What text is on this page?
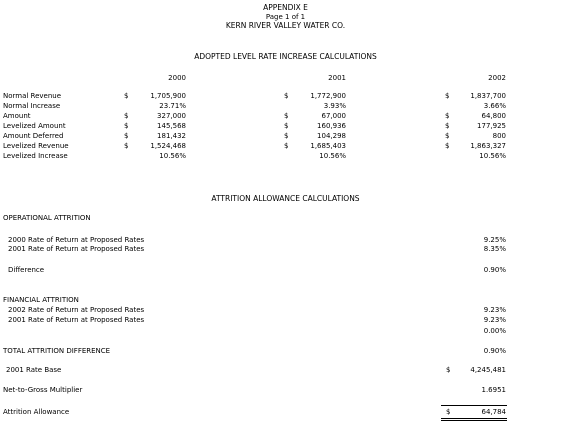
APPENDIX E
Page 1 of 1
KERN RIVER VALLEY WATER CO.
ADOPTED LEVEL RATE INCREASE CALCULATIONS
2000	2001	2002
Normal Revenue	$	1,705,900	$	1,772,900	$	1,837,700
Normal Increase	23.71%	3.93%	3.66%
Amount	$	327,000	$	67,000	$	64,800
Levelized Amount	$	145,568	$	160,936	$	177,925
Amount Deferred	$	181,432	$	104,298	$	800
Levelized Revenue	$	1,524,468	$	1,685,403	$	1,863,327
Levelized Increase	10.56%	10.56%	10.56%
ATTRITION ALLOWANCE CALCULATIONS
OPERATIONAL ATTRITION
2000 Rate of Return at Proposed Rates	9.25%
2001 Rate of Return at Proposed Rates	8.35%
Difference	0.90%
FINANCIAL ATTRITION
2002 Rate of Return at Proposed Rates	9.23%
2001 Rate of Return at Proposed Rates	9.23%
0.00%
TOTAL ATTRITION DIFFERENCE	0.90%
2001 Rate Base	$	4,245,481
Net-to-Gross Multiplier	1.6951
Attrition Allowance	$	64,784
